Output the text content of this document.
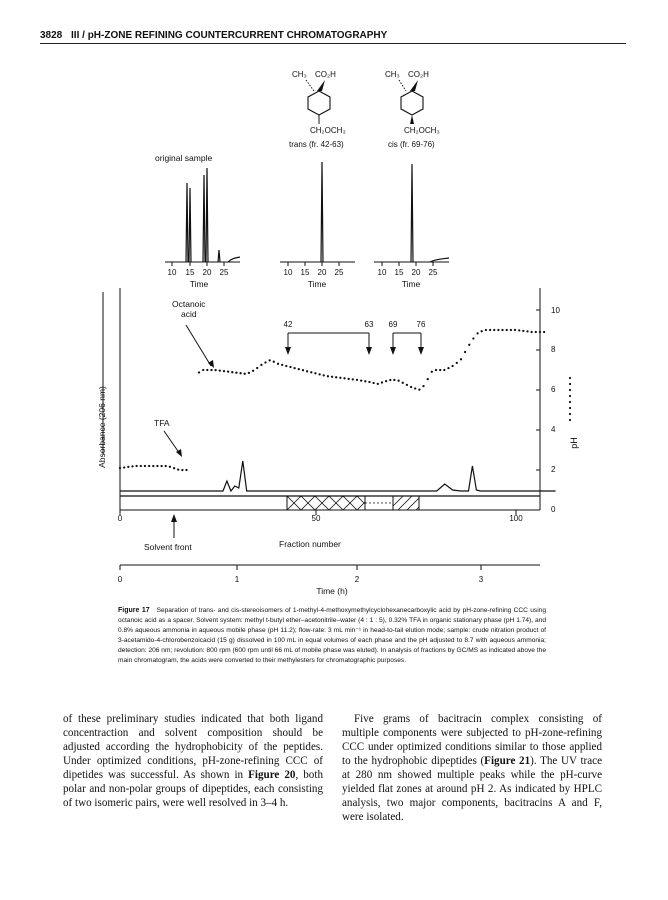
3828 III / pH-ZONE REFINING COUNTERCURRENT CHROMATOGRAPHY
CH₃ CO₂H
CH₂OCH₃
trans (fr. 42-63)
CH₃ CO₂H
CH₂OCH₃
cis (fr. 69-76)
original sample
10 15 20 25
Time
10 15 20 25
Time
10 15 20 25
Time
Absorbance (206 nm)
10
8
6
4
2
0
pH
42	63 69 76
Octanoic acid
TFA
0	50	100
Solvent front	Fraction number
0	1	2	3
Time (h)
Figure 17 Separation of trans- and cis-stereoisomers of 1-methyl-4-methoxymethylcyclohexanecarboxylic acid by pH-zone-refining CCC using octanoic acid as a spacer. Solvent system: methyl t-butyl ether–acetonitrile–water (4 : 1 : 5), 0.32% TFA in organic stationary phase (pH 1.74), and 0.8% aqueous ammonia in aqueous mobile phase (pH 11.2); flow-rate: 3 mL min⁻¹ in head-to-tail elution mode; sample: crude nitration product of 3-acetamido-4-chlorobenzoicacid (15 g) dissolved in 100 mL in equal volumes of each phase and the pH adjusted to 8.7 with aqueous ammonia; detection: 206 nm; revolution: 800 rpm (600 rpm until 66 mL of mobile phase was eluted). In analysis of fractions by GC/MS as indicated above the main chromatogram, the acids were converted to their methylesters for chromatographic purposes.

of these preliminary studies indicated that both ligand concentraction and solvent composition should be adjusted according the hydrophobicity of the peptides. Under optimized conditions, pH-zone-refining CCC of dipetides was successful. As shown in Figure 20, both polar and non-polar groups of dipeptides, each consisting of two isomeric pairs, were well resolved in 3–4 h.

Five grams of bacitracin complex consisting of multiple components were subjected to pH-zone-refining CCC under optimized conditions similar to those applied to the hydrophobic dipeptides (Figure 21). The UV trace at 280 nm showed multiple peaks while the pH-curve yielded flat zones at around pH 2. As indicated by HPLC analysis, two major components, bacitracins A and F, were isolated.
